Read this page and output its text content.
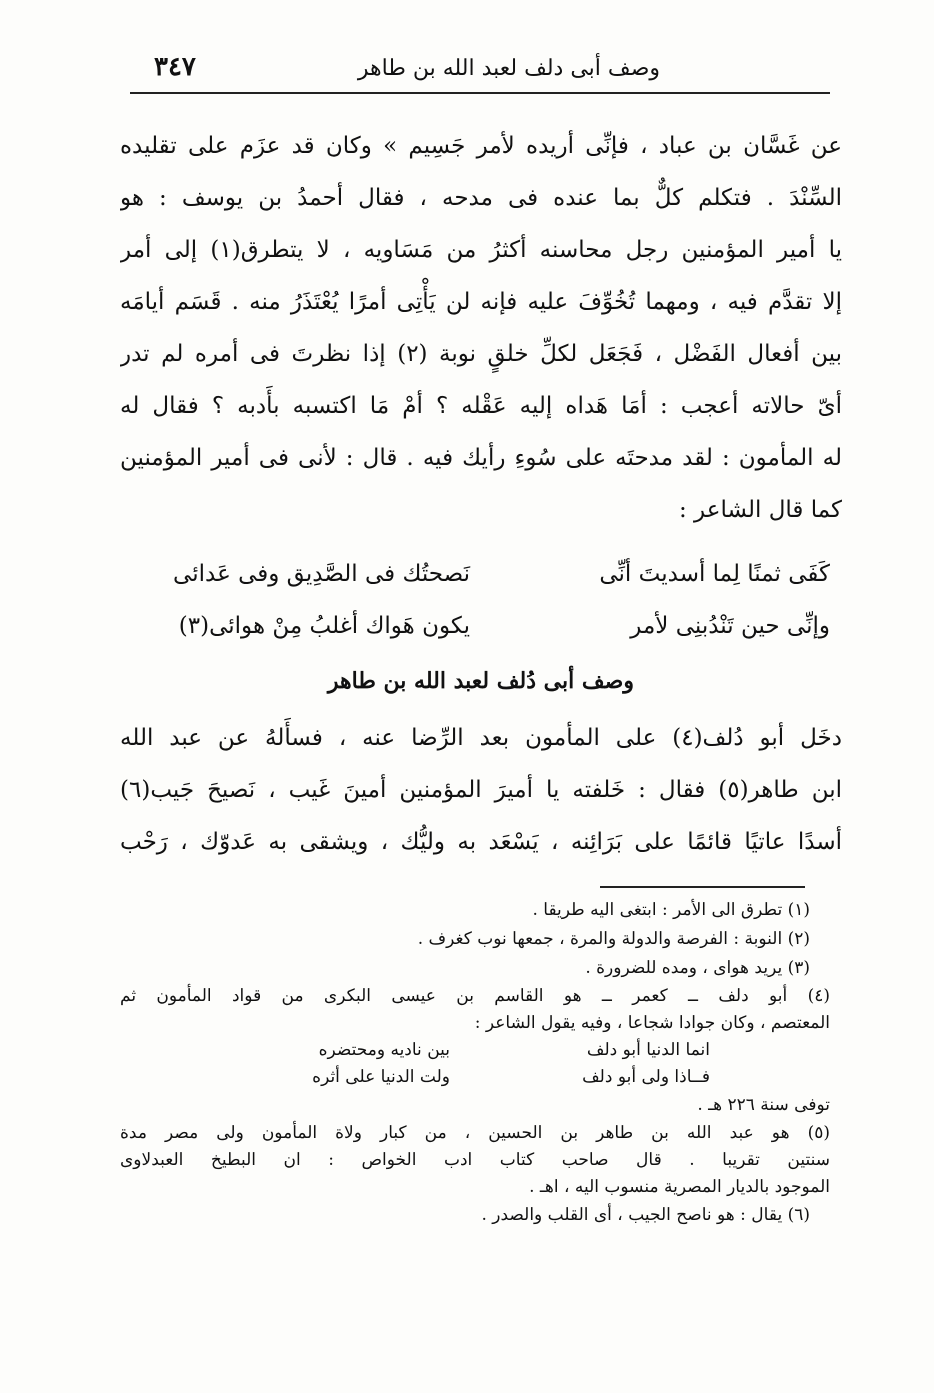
وصف أبى دلف لعبد الله بن طاهر
٣٤٧
عن غَسَّان بن عباد ، فإنِّى أريده لأمر جَسِيم » وكان قد عزَم على تقليده
السِّنْدَ . فتكلم كلٌّ بما عنده فى مدحه ، فقال أحمدُ بن يوسف : هو
يا أمير المؤمنين رجل محاسنه أكثرُ من مَسَاويه ، لا يتطرق(١) إلى أمر
إلا تقدَّم فيه ، ومهما تُخُوِّفَ عليه فإنه لن يَأْتِى أمرًا يُعْتَذَرُ منه . قَسَم أيامَه
بين أفعال الفَضْل ، فَجَعَل لكلِّ خلقٍ نوبة (٢) إذا نظرتَ فى أمره لم تدر
أىّ حالاته أعجب : أمَا هَداه إليه عَقْله ؟ أمْ مَا اكتسبه بأَدبه ؟ فقال له
له المأمون : لقد مدحتَه على سُوءِ رأيك فيه . قال : لأنى فى أمير المؤمنين
كما قال الشاعر :
كَفَى ثمنًا لِما أسديتَ أنِّى
نَصحتُك فى الصَّدِيق وفى عَدائى
وإنِّى حين تَنْدُبنِى لأمر
يكون هَواك أغلبُ مِنْ هوائى(٣)
وصف أبى دُلف لعبد الله بن طاهر
دخَل أبو دُلف(٤) على المأمون بعد الرِّضا عنه ، فسأَلهُ عن عبد الله
ابن طاهر(٥) فقال : خَلفته يا أميرَ المؤمنين أمينَ غَيب ، نَصيحَ جَيب(٦)
أسدًا عاتيًا قائمًا على بَرَائِنه ، يَسْعَد به وليُّك ، ويشقى به عَدوّك ، رَحْب
(١) تطرق الى الأمر : ابتغى اليه طريقا .
(٢) النوبة : الفرصة والدولة والمرة ، جمعها نوب كغرف .
(٣) يريد هواى ، ومده للضرورة .
(٤) أبو دلف ــ كعمر ــ هو القاسم بن عيسى البكرى من قواد المأمون ثم
المعتصم ، وكان جوادا شجاعا ، وفيه يقول الشاعر :
انما الدنيا أبو دلف
بين ناديه ومحتضره
فــاذا ولى أبو دلف
ولت الدنيا على أثره
توفى سنة ٢٢٦ هـ .
(٥) هو عبد الله بن طاهر بن الحسين ، من كبار ولاة المأمون ولى مصر مدة
سنتين تقريبا . قال صاحب كتاب ادب الخواص : ان البطيخ العبدلاوى
الموجود بالديار المصرية منسوب اليه ، اهـ .
(٦) يقال : هو ناصح الجيب ، أى القلب والصدر .
